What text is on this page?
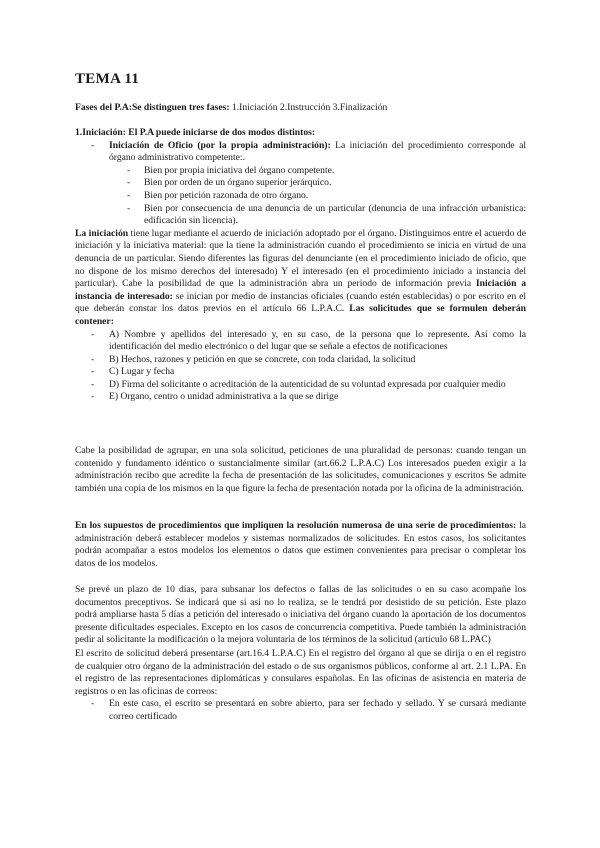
TEMA 11

Fases del P.A:Se distinguen tres fases: 1.Iniciación 2.Instrucción 3.Finalización

1.Iniciación: El P.A puede iniciarse de dos modos distintos:

- Iniciación de Oficio (por la propia administración): La iniciación del procedimiento corresponde al órgano administrativo competente:.
- Bien por propia iniciativa del órgano competente.
- Bien por orden de un órgano superior jerárquico.
- Bien por petición razonada de otro órgano.
- Bien por consecuencia de una denuncia de un particular (denuncia de una infracción urbanística: edificación sin licencia).

La iniciación tiene lugar mediante el acuerdo de iniciación adoptado por el órgano. Distinguimos entre el acuerdo de iniciación y la iniciativa material: que la tiene la administración cuando el procedimiento se inicia en virtud de una denuncia de un particular. Siendo diferentes las figuras del denunciante (en el procedimiento iniciado de oficio, que no dispone de los mismo derechos del interesado) Y el interesado (en el procedimiento iniciado a instancia del particular). Cabe la posibilidad de que la administración abra un periodo de información previa Iniciación a instancia de interesado: se inician por medio de instancias oficiales (cuando estén establecidas) o por escrito en el que deberán constar los datos previos en el artículo 66 L.P.A.C. Las solicitudes que se formulen deberán contener:

- A) Nombre y apellidos del interesado y, en su caso, de la persona que lo represente. Así como la identificación del medio electrónico o del lugar que se señale a efectos de notificaciones
- B) Hechos, razones y petición en que se concrete, con toda claridad, la solicitud
- C) Lugar y fecha
- D) Firma del solicitante o acreditación de la autenticidad de su voluntad expresada por cualquier medio
- E) Organo, centro o unidad administrativa a la que se dirige

Cabe la posibilidad de agrupar, en una sola solicitud, peticiones de una pluralidad de personas: cuando tengan un contenido y fundamento idéntico o sustancialmente similar (art.66.2 L.P.A.C) Los interesados pueden exigir a la administración recibo que acredite la fecha de presentación de las solicitudes, comunicaciones y escritos Se admite también una copia de los mismos en la que figure la fecha de presentación notada por la oficina de la administración.

En los supuestos de procedimientos que impliquen la resolución numerosa de una serie de procedimientos: la administración deberá establecer modelos y sistemas normalizados de solicitudes. En estos casos, los solicitantes podrán acompañar a estos modelos los elementos o datos que estimen convenientes para precisar o completar los datos de los modelos.

Se prevé un plazo de 10 días, para subsanar los defectos o fallas de las solicitudes o en su caso acompañe los documentos preceptivos. Se indicará que si así no lo realiza, se le tendrá por desistido de su petición. Este plazo podrá ampliarse hasta 5 días a petición del interesado o iniciativa del órgano cuando la aportación de los documentos presente dificultades especiales. Excepto en los casos de concurrencia competitiva. Puede también la administración pedir al solicitante la modificación o la mejora voluntaria de los términos de la solicitud (artículo 68 L.PAC)

El escrito de solicitud deberá presentarse (art.16.4 L.P.A.C) En el registro del órgano al que se dirija o en el registro de cualquier otro órgano de la administración del estado o de sus organismos públicos, conforme al art. 2.1 L.PA. En el registro de las representaciones diplomáticas y consulares españolas. En las oficinas de asistencia en materia de registros o en las oficinas de correos:

- En este caso, el escrito se presentará en sobre abierto, para ser fechado y sellado. Y se cursará mediante correo certificado
